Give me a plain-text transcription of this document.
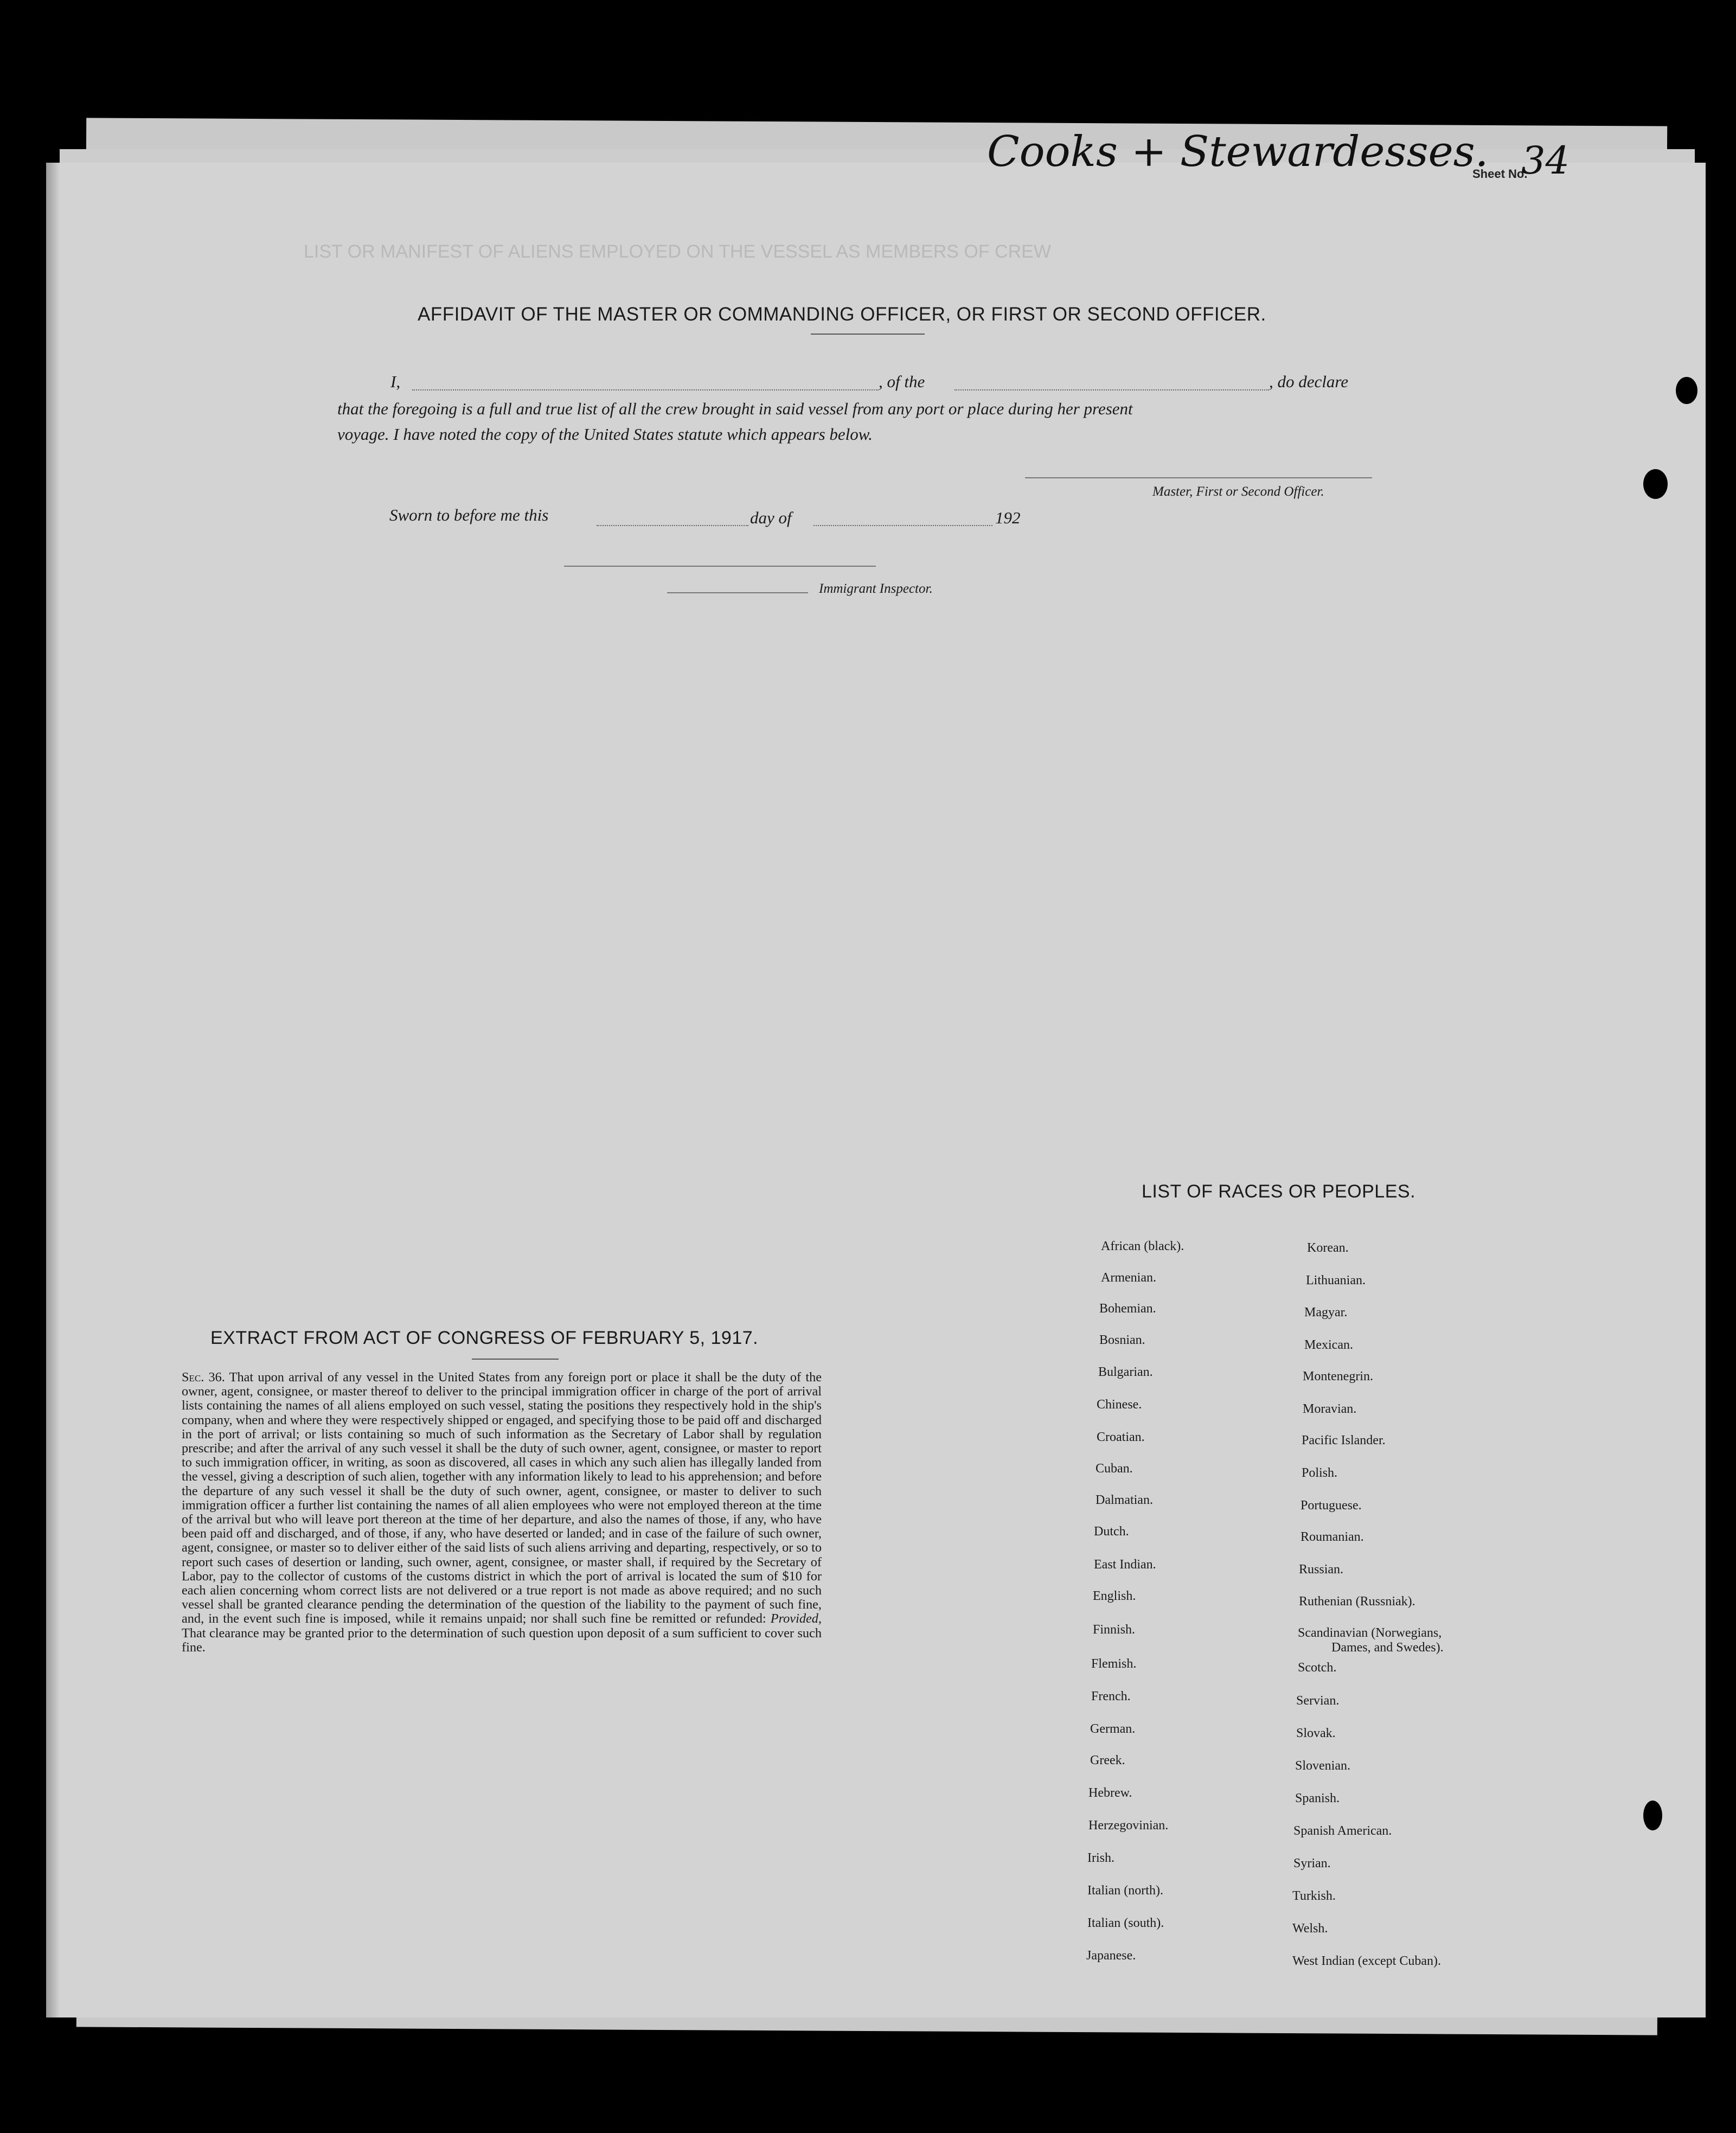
LIST OR MANIFEST OF ALIENS EMPLOYED ON THE VESSEL AS MEMBERS OF CREW
Cooks + Stewardesses.
Sheet No.
34
AFFIDAVIT OF THE MASTER OR COMMANDING OFFICER, OR FIRST OR SECOND OFFICER.
I,	, of the	, do declare
that the foregoing is a full and true list of all the crew brought in said vessel from any port or place during her present
voyage. I have noted the copy of the United States statute which appears below.
Master, First or Second Officer.
Sworn to before me this	day of	192
Immigrant Inspector.
EXTRACT FROM ACT OF CONGRESS OF FEBRUARY 5, 1917.
Sec. 36. That upon arrival of any vessel in the United States from any foreign port or place it shall be the duty of the owner, agent, consignee, or master thereof to deliver to the principal immigration officer in charge of the port of arrival lists containing the names of all aliens employed on such vessel, stating the positions they respectively hold in the ship's company, when and where they were respectively shipped or engaged, and specifying those to be paid off and discharged in the port of arrival; or lists containing so much of such information as the Secretary of Labor shall by regulation prescribe; and after the arrival of any such vessel it shall be the duty of such owner, agent, consignee, or master to report to such immigration officer, in writing, as soon as discovered, all cases in which any such alien has illegally landed from the vessel, giving a description of such alien, together with any information likely to lead to his apprehension; and before the departure of any such vessel it shall be the duty of such owner, agent, consignee, or master to deliver to such immigration officer a further list containing the names of all alien employees who were not employed thereon at the time of the arrival but who will leave port thereon at the time of her departure, and also the names of those, if any, who have been paid off and discharged, and of those, if any, who have deserted or landed; and in case of the failure of such owner, agent, consignee, or master so to deliver either of the said lists of such aliens arriving and departing, respectively, or so to report such cases of desertion or landing, such owner, agent, consignee, or master shall, if required by the Secretary of Labor, pay to the collector of customs of the customs district in which the port of arrival is located the sum of $10 for each alien concerning whom correct lists are not delivered or a true report is not made as above required; and no such vessel shall be granted clearance pending the determination of the question of the liability to the payment of such fine, and, in the event such fine is imposed, while it remains unpaid; nor shall such fine be remitted or refunded: Provided, That clearance may be granted prior to the determination of such question upon deposit of a sum sufficient to cover such fine.
LIST OF RACES OR PEOPLES.
African (black).
Armenian.
Bohemian.
Bosnian.
Bulgarian.
Chinese.
Croatian.
Cuban.
Dalmatian.
Dutch.
East Indian.
English.
Finnish.
Flemish.
French.
German.
Greek.
Hebrew.
Herzegovinian.
Irish.
Italian (north).
Italian (south).
Japanese.
Korean.
Lithuanian.
Magyar.
Mexican.
Montenegrin.
Moravian.
Pacific Islander.
Polish.
Portuguese.
Roumanian.
Russian.
Ruthenian (Russniak).
Scandinavian (Norwegians,
Dames, and Swedes).
Scotch.
Servian.
Slovak.
Slovenian.
Spanish.
Spanish American.
Syrian.
Turkish.
Welsh.
West Indian (except Cuban).
